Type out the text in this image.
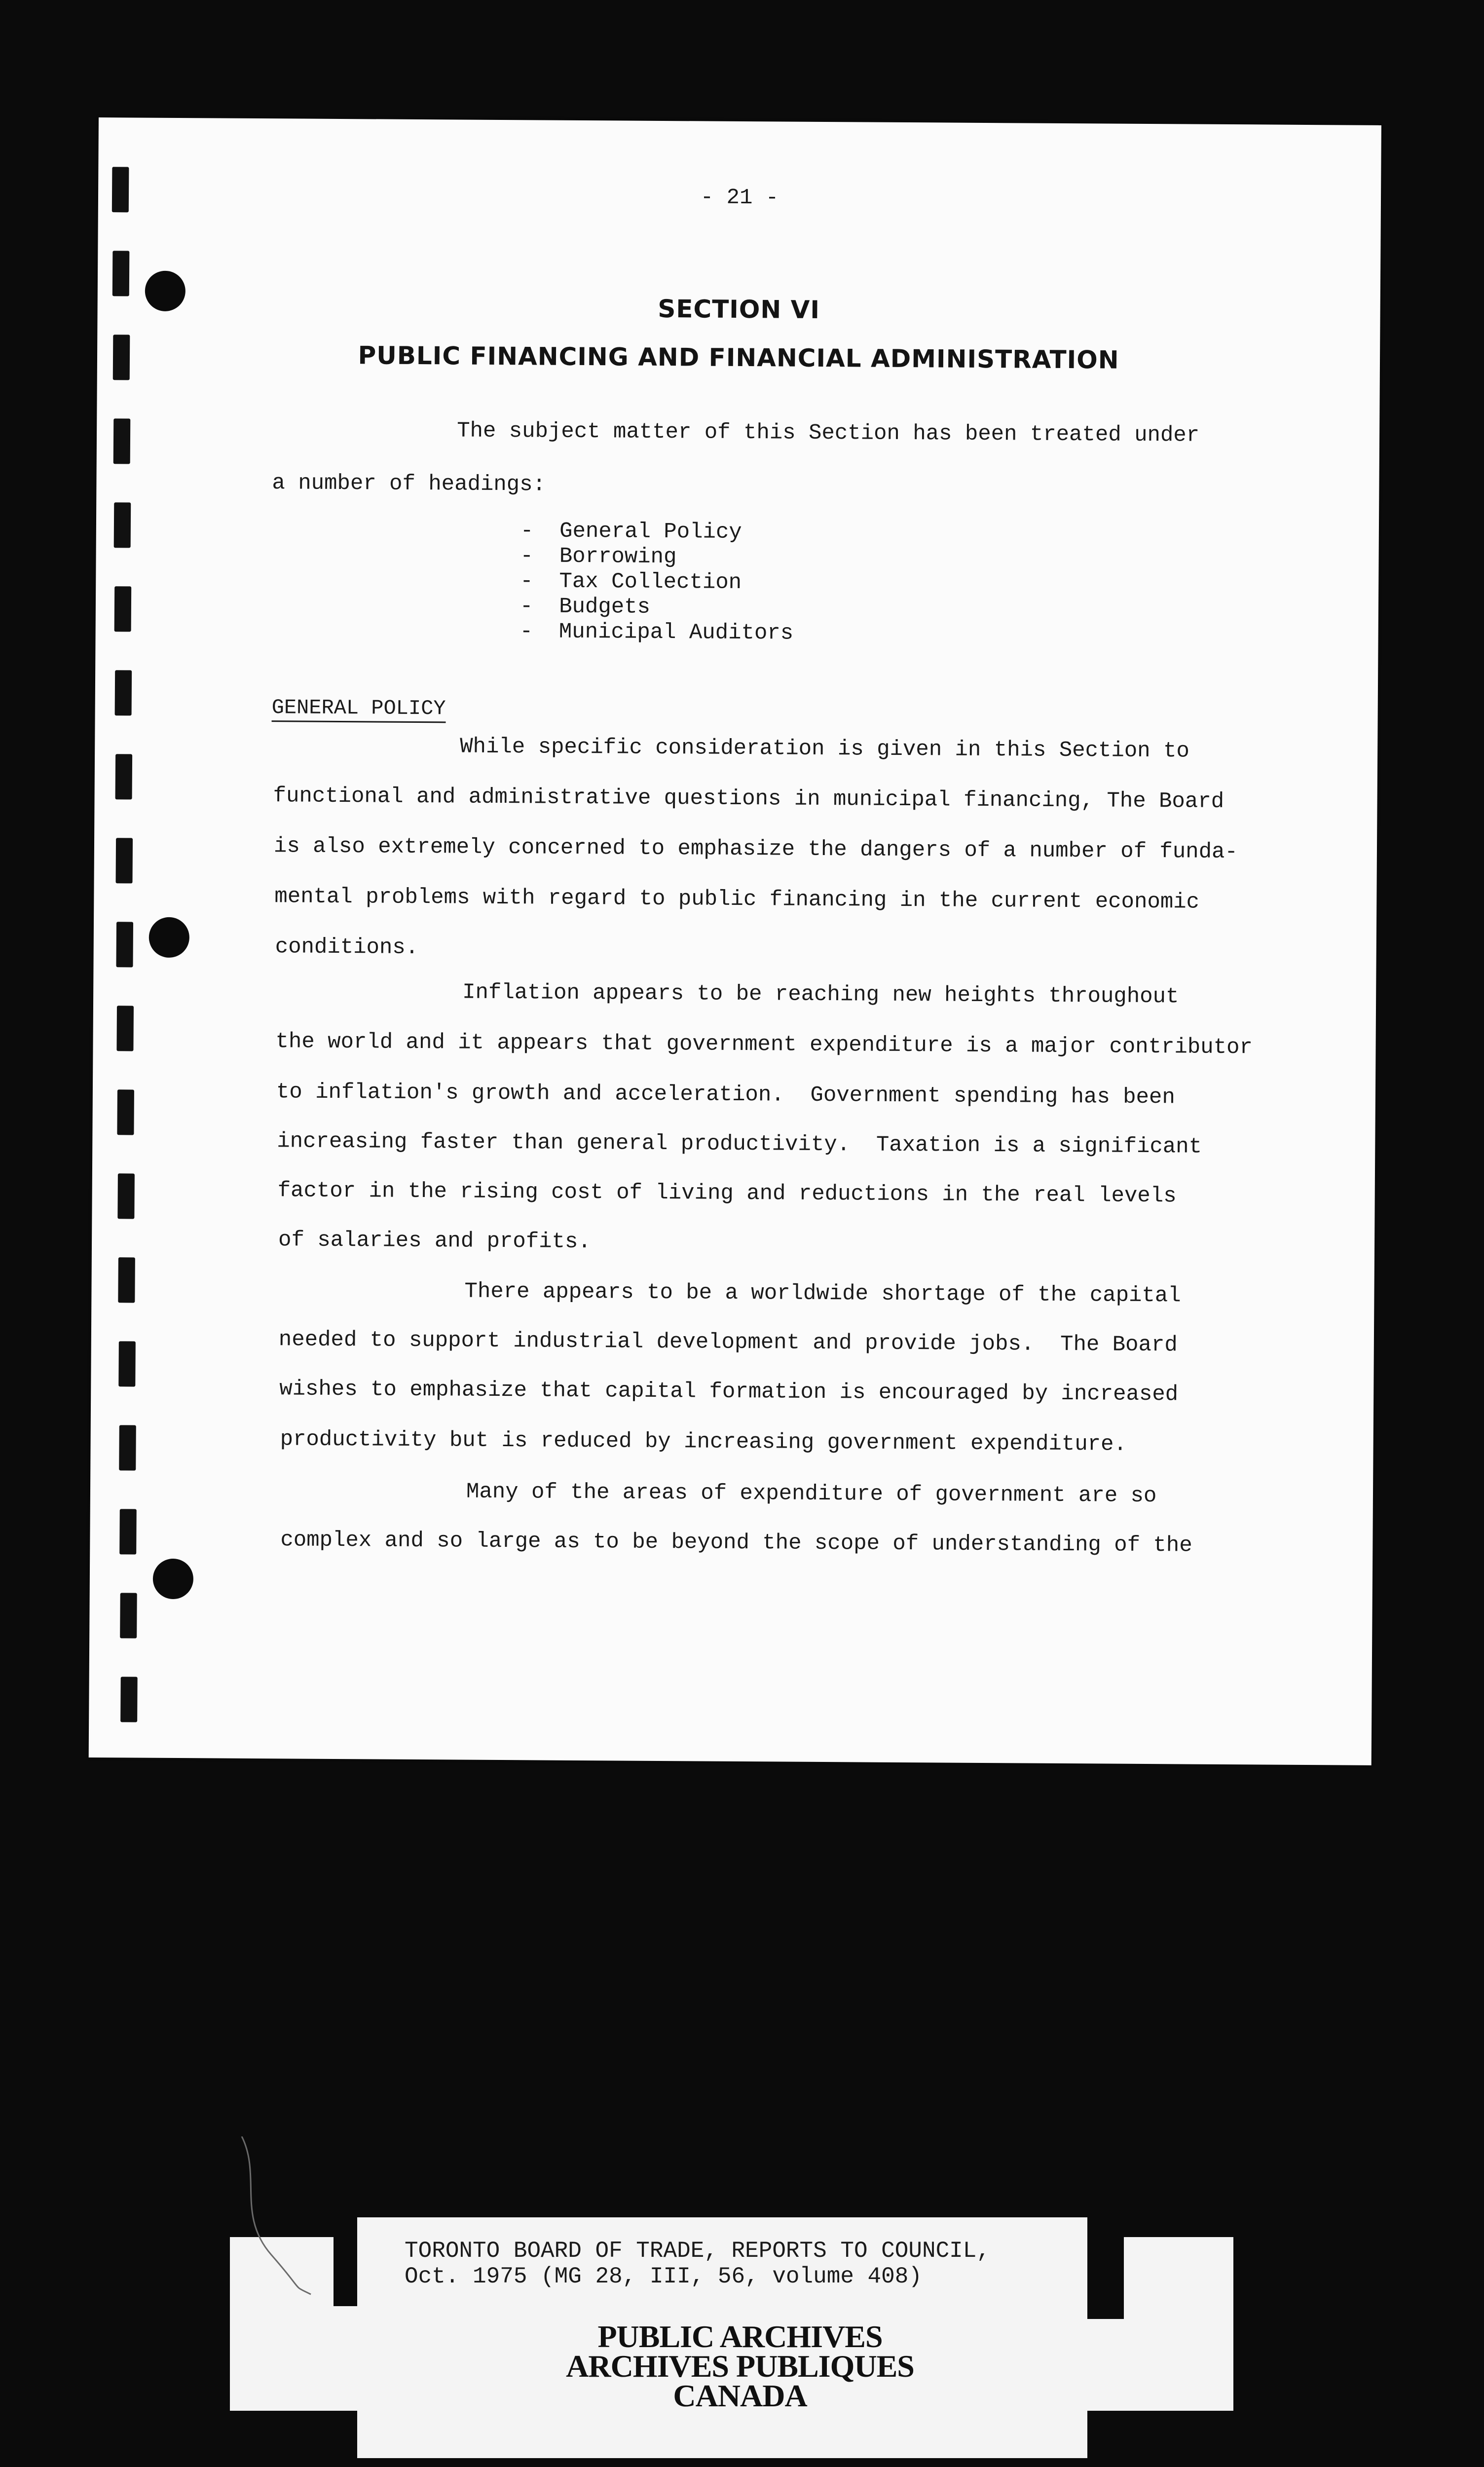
- 21 -
SECTION VI
PUBLIC FINANCING AND FINANCIAL ADMINISTRATION
The subject matter of this Section has been treated under
a number of headings:
- General Policy
- Borrowing
- Tax Collection
- Budgets
- Municipal Auditors
GENERAL POLICY
While specific consideration is given in this Section to
functional and administrative questions in municipal financing, The Board
is also extremely concerned to emphasize the dangers of a number of funda-
mental problems with regard to public financing in the current economic
conditions.
Inflation appears to be reaching new heights throughout
the world and it appears that government expenditure is a major contributor
to inflation's growth and acceleration.  Government spending has been
increasing faster than general productivity.  Taxation is a significant
factor in the rising cost of living and reductions in the real levels
of salaries and profits.
There appears to be a worldwide shortage of the capital
needed to support industrial development and provide jobs.  The Board
wishes to emphasize that capital formation is encouraged by increased
productivity but is reduced by increasing government expenditure.
Many of the areas of expenditure of government are so
complex and so large as to be beyond the scope of understanding of the
TORONTO BOARD OF TRADE, REPORTS TO COUNCIL,
Oct. 1975 (MG 28, III, 56, volume 408)
PUBLIC ARCHIVES
ARCHIVES PUBLIQUES
CANADA
